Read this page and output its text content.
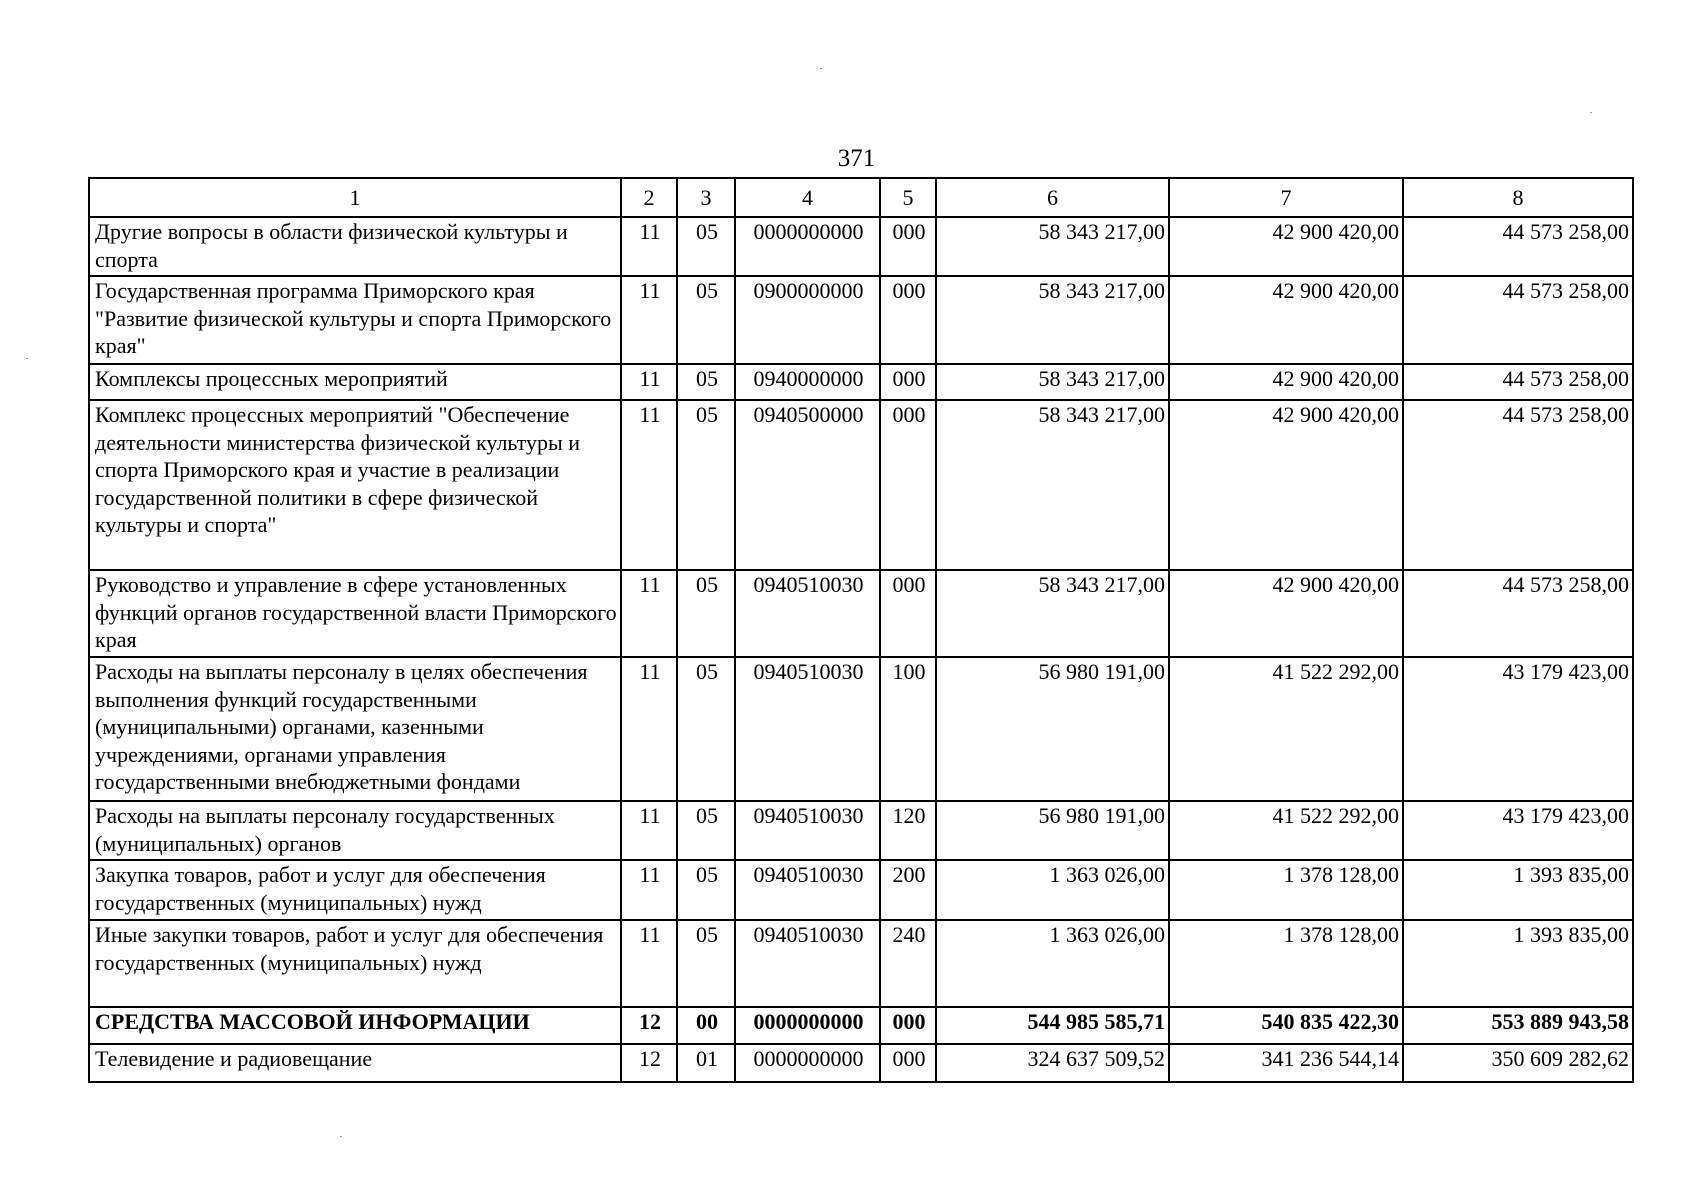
371
1	2	3	4	5	6	7	8
Другие вопросы в области физической культуры и спорта	11	05	0000000000	000	58 343 217,00	42 900 420,00	44 573 258,00
Государственная программа Приморского края "Развитие физической культуры и спорта Приморского края"	11	05	0900000000	000	58 343 217,00	42 900 420,00	44 573 258,00
Комплексы процессных мероприятий	11	05	0940000000	000	58 343 217,00	42 900 420,00	44 573 258,00
Комплекс процессных мероприятий "Обеспечение деятельности министерства физической культуры и спорта Приморского края и участие в реализации государственной политики в сфере физической культуры и спорта"	11	05	0940500000	000	58 343 217,00	42 900 420,00	44 573 258,00
Руководство и управление в сфере установленных функций органов государственной власти Приморского края	11	05	0940510030	000	58 343 217,00	42 900 420,00	44 573 258,00
Расходы на выплаты персоналу в целях обеспечения выполнения функций государственными (муниципальными) органами, казенными учреждениями, органами управления государственными внебюджетными фондами	11	05	0940510030	100	56 980 191,00	41 522 292,00	43 179 423,00
Расходы на выплаты персоналу государственных (муниципальных) органов	11	05	0940510030	120	56 980 191,00	41 522 292,00	43 179 423,00
Закупка товаров, работ и услуг для обеспечения государственных (муниципальных) нужд	11	05	0940510030	200	1 363 026,00	1 378 128,00	1 393 835,00
Иные закупки товаров, работ и услуг для обеспечения государственных (муниципальных) нужд	11	05	0940510030	240	1 363 026,00	1 378 128,00	1 393 835,00
СРЕДСТВА МАССОВОЙ ИНФОРМАЦИИ	12	00	0000000000	000	544 985 585,71	540 835 422,30	553 889 943,58
Телевидение и радиовещание	12	01	0000000000	000	324 637 509,52	341 236 544,14	350 609 282,62
